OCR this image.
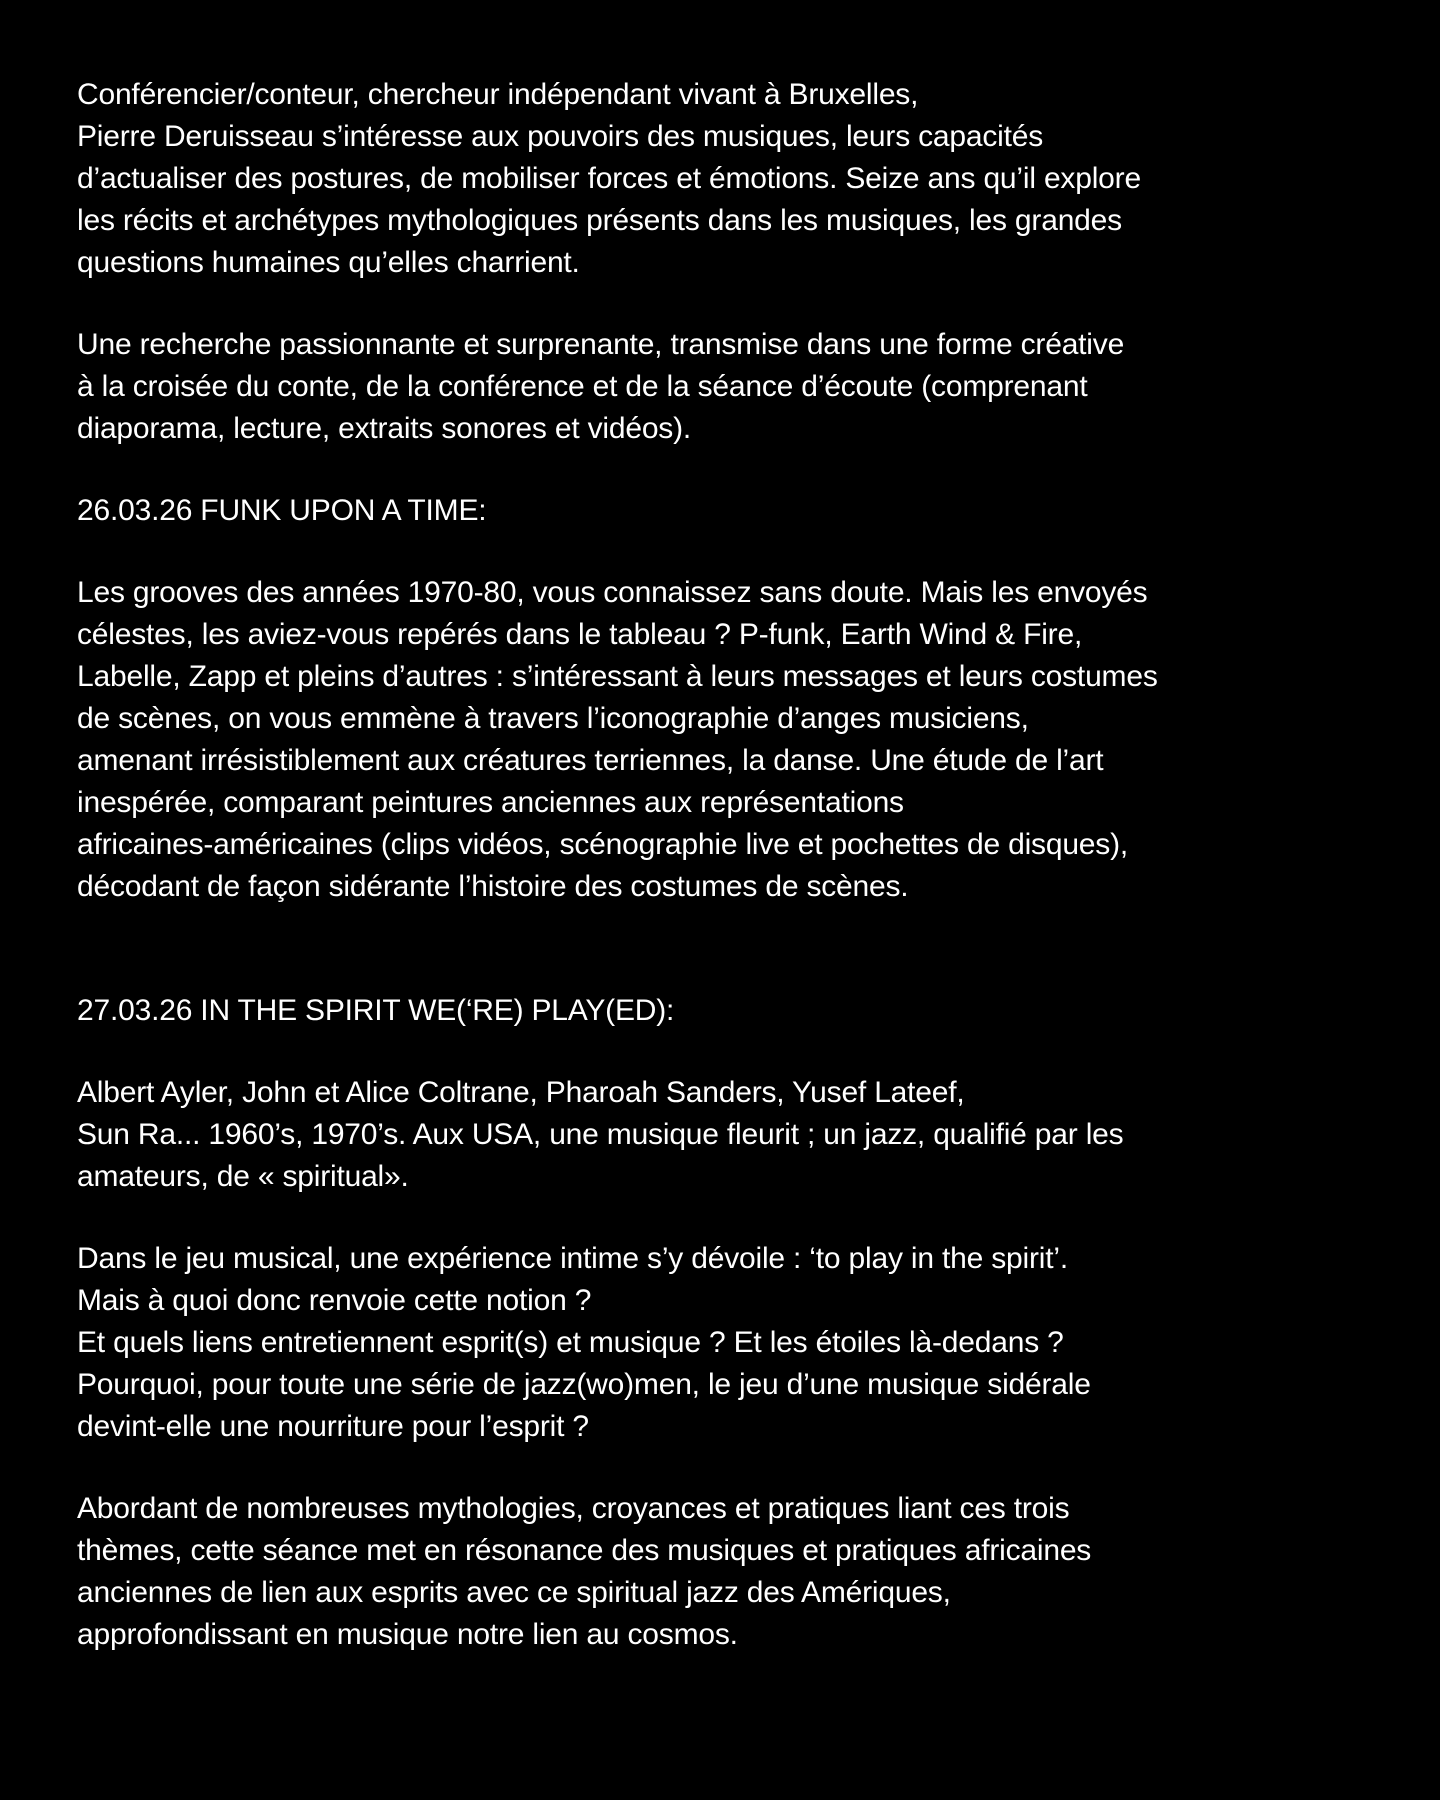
Conférencier/conteur, chercheur indépendant vivant à Bruxelles,
Pierre Deruisseau s’intéresse aux pouvoirs des musiques, leurs capacités
d’actualiser des postures, de mobiliser forces et émotions. Seize ans qu’il explore
les récits et archétypes mythologiques présents dans les musiques, les grandes
questions humaines qu’elles charrient.

Une recherche passionnante et surprenante, transmise dans une forme créative
à la croisée du conte, de la conférence et de la séance d’écoute (comprenant
diaporama, lecture, extraits sonores et vidéos).

26.03.26 FUNK UPON A TIME:

Les grooves des années 1970-80, vous connaissez sans doute. Mais les envoyés
célestes, les aviez-vous repérés dans le tableau ? P-funk, Earth Wind & Fire,
Labelle, Zapp et pleins d’autres : s’intéressant à leurs messages et leurs costumes
de scènes, on vous emmène à travers l’iconographie d’anges musiciens,
amenant irrésistiblement aux créatures terriennes, la danse. Une étude de l’art
inespérée, comparant peintures anciennes aux représentations
africaines-américaines (clips vidéos, scénographie live et pochettes de disques),
décodant de façon sidérante l’histoire des costumes de scènes.

27.03.26 IN THE SPIRIT WE(‘RE) PLAY(ED):

Albert Ayler, John et Alice Coltrane, Pharoah Sanders, Yusef Lateef,
Sun Ra... 1960’s, 1970’s. Aux USA, une musique fleurit ; un jazz, qualifié par les
amateurs, de « spiritual».

Dans le jeu musical, une expérience intime s’y dévoile : ‘to play in the spirit’.
Mais à quoi donc renvoie cette notion ?
Et quels liens entretiennent esprit(s) et musique ? Et les étoiles là-dedans ?
Pourquoi, pour toute une série de jazz(wo)men, le jeu d’une musique sidérale
devint-elle une nourriture pour l’esprit ?

Abordant de nombreuses mythologies, croyances et pratiques liant ces trois
thèmes, cette séance met en résonance des musiques et pratiques africaines
anciennes de lien aux esprits avec ce spiritual jazz des Amériques,
approfondissant en musique notre lien au cosmos.
